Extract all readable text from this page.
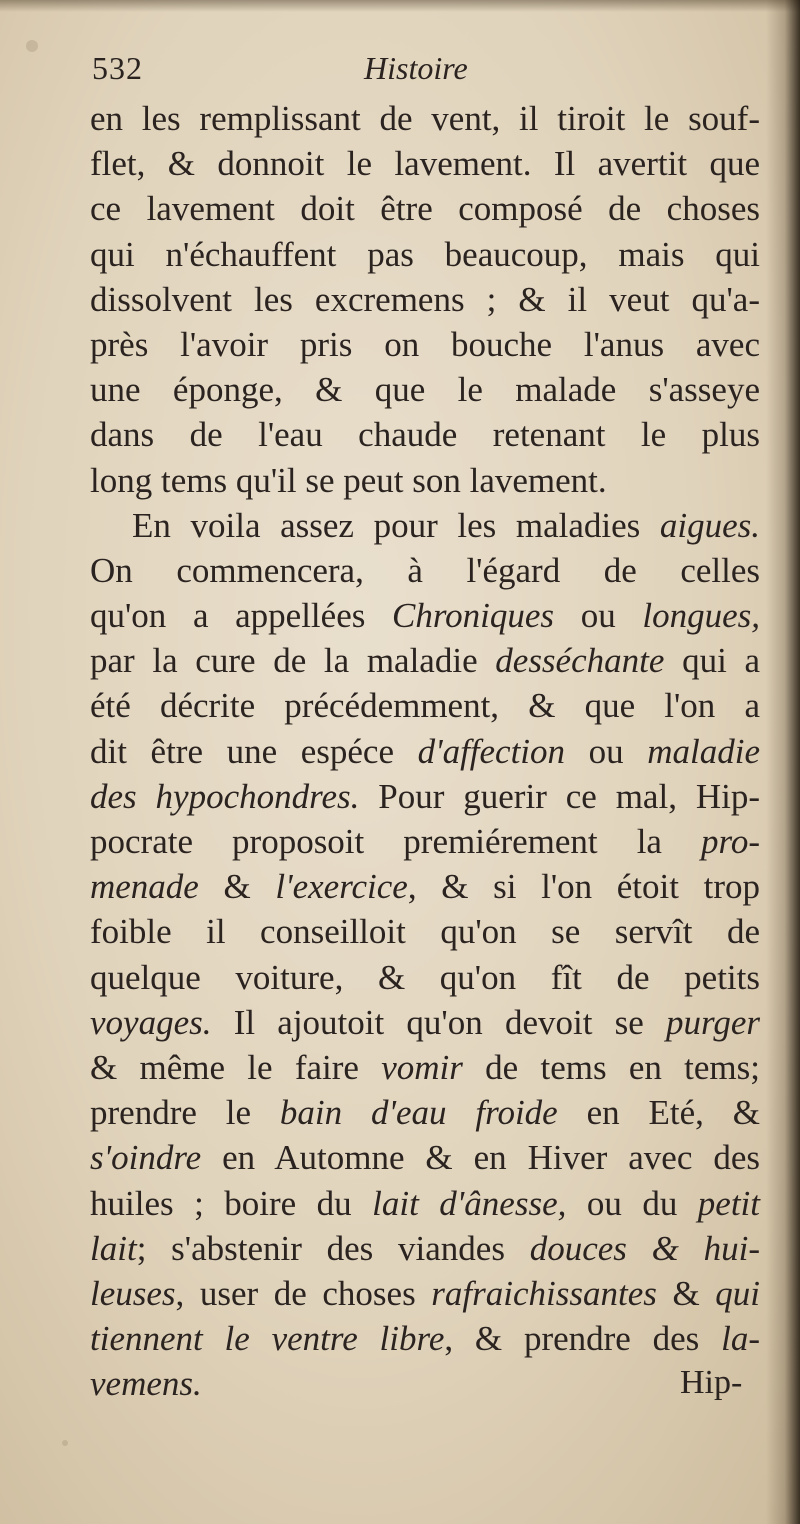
532	Histoire
en les remplissant de vent, il tiroit le souf-
flet, & donnoit le lavement. Il avertit que
ce lavement doit être composé de choses
qui n'échauffent pas beaucoup, mais qui
dissolvent les excremens ; & il veut qu'a-
près l'avoir pris on bouche l'anus avec
une éponge, & que le malade s'asseye
dans de l'eau chaude retenant le plus
long tems qu'il se peut son lavement.
En voila assez pour les maladies aigues.
On commencera, à l'égard de celles
qu'on a appellées Chroniques ou longues,
par la cure de la maladie desséchante qui a
été décrite précédemment, & que l'on a
dit être une espéce d'affection ou maladie
des hypochondres. Pour guerir ce mal, Hip-
pocrate proposoit premiérement la pro-
menade & l'exercice, & si l'on étoit trop
foible il conseilloit qu'on se servît de
quelque voiture, & qu'on fît de petits
voyages. Il ajoutoit qu'on devoit se purger
& même le faire vomir de tems en tems;
prendre le bain d'eau froide en Eté, &
s'oindre en Automne & en Hiver avec des
huiles ; boire du lait d'ânesse, ou du petit
lait; s'abstenir des viandes douces & hui-
leuses, user de choses rafraichissantes & qui
tiennent le ventre libre, & prendre des la-
vemens.	Hip-
